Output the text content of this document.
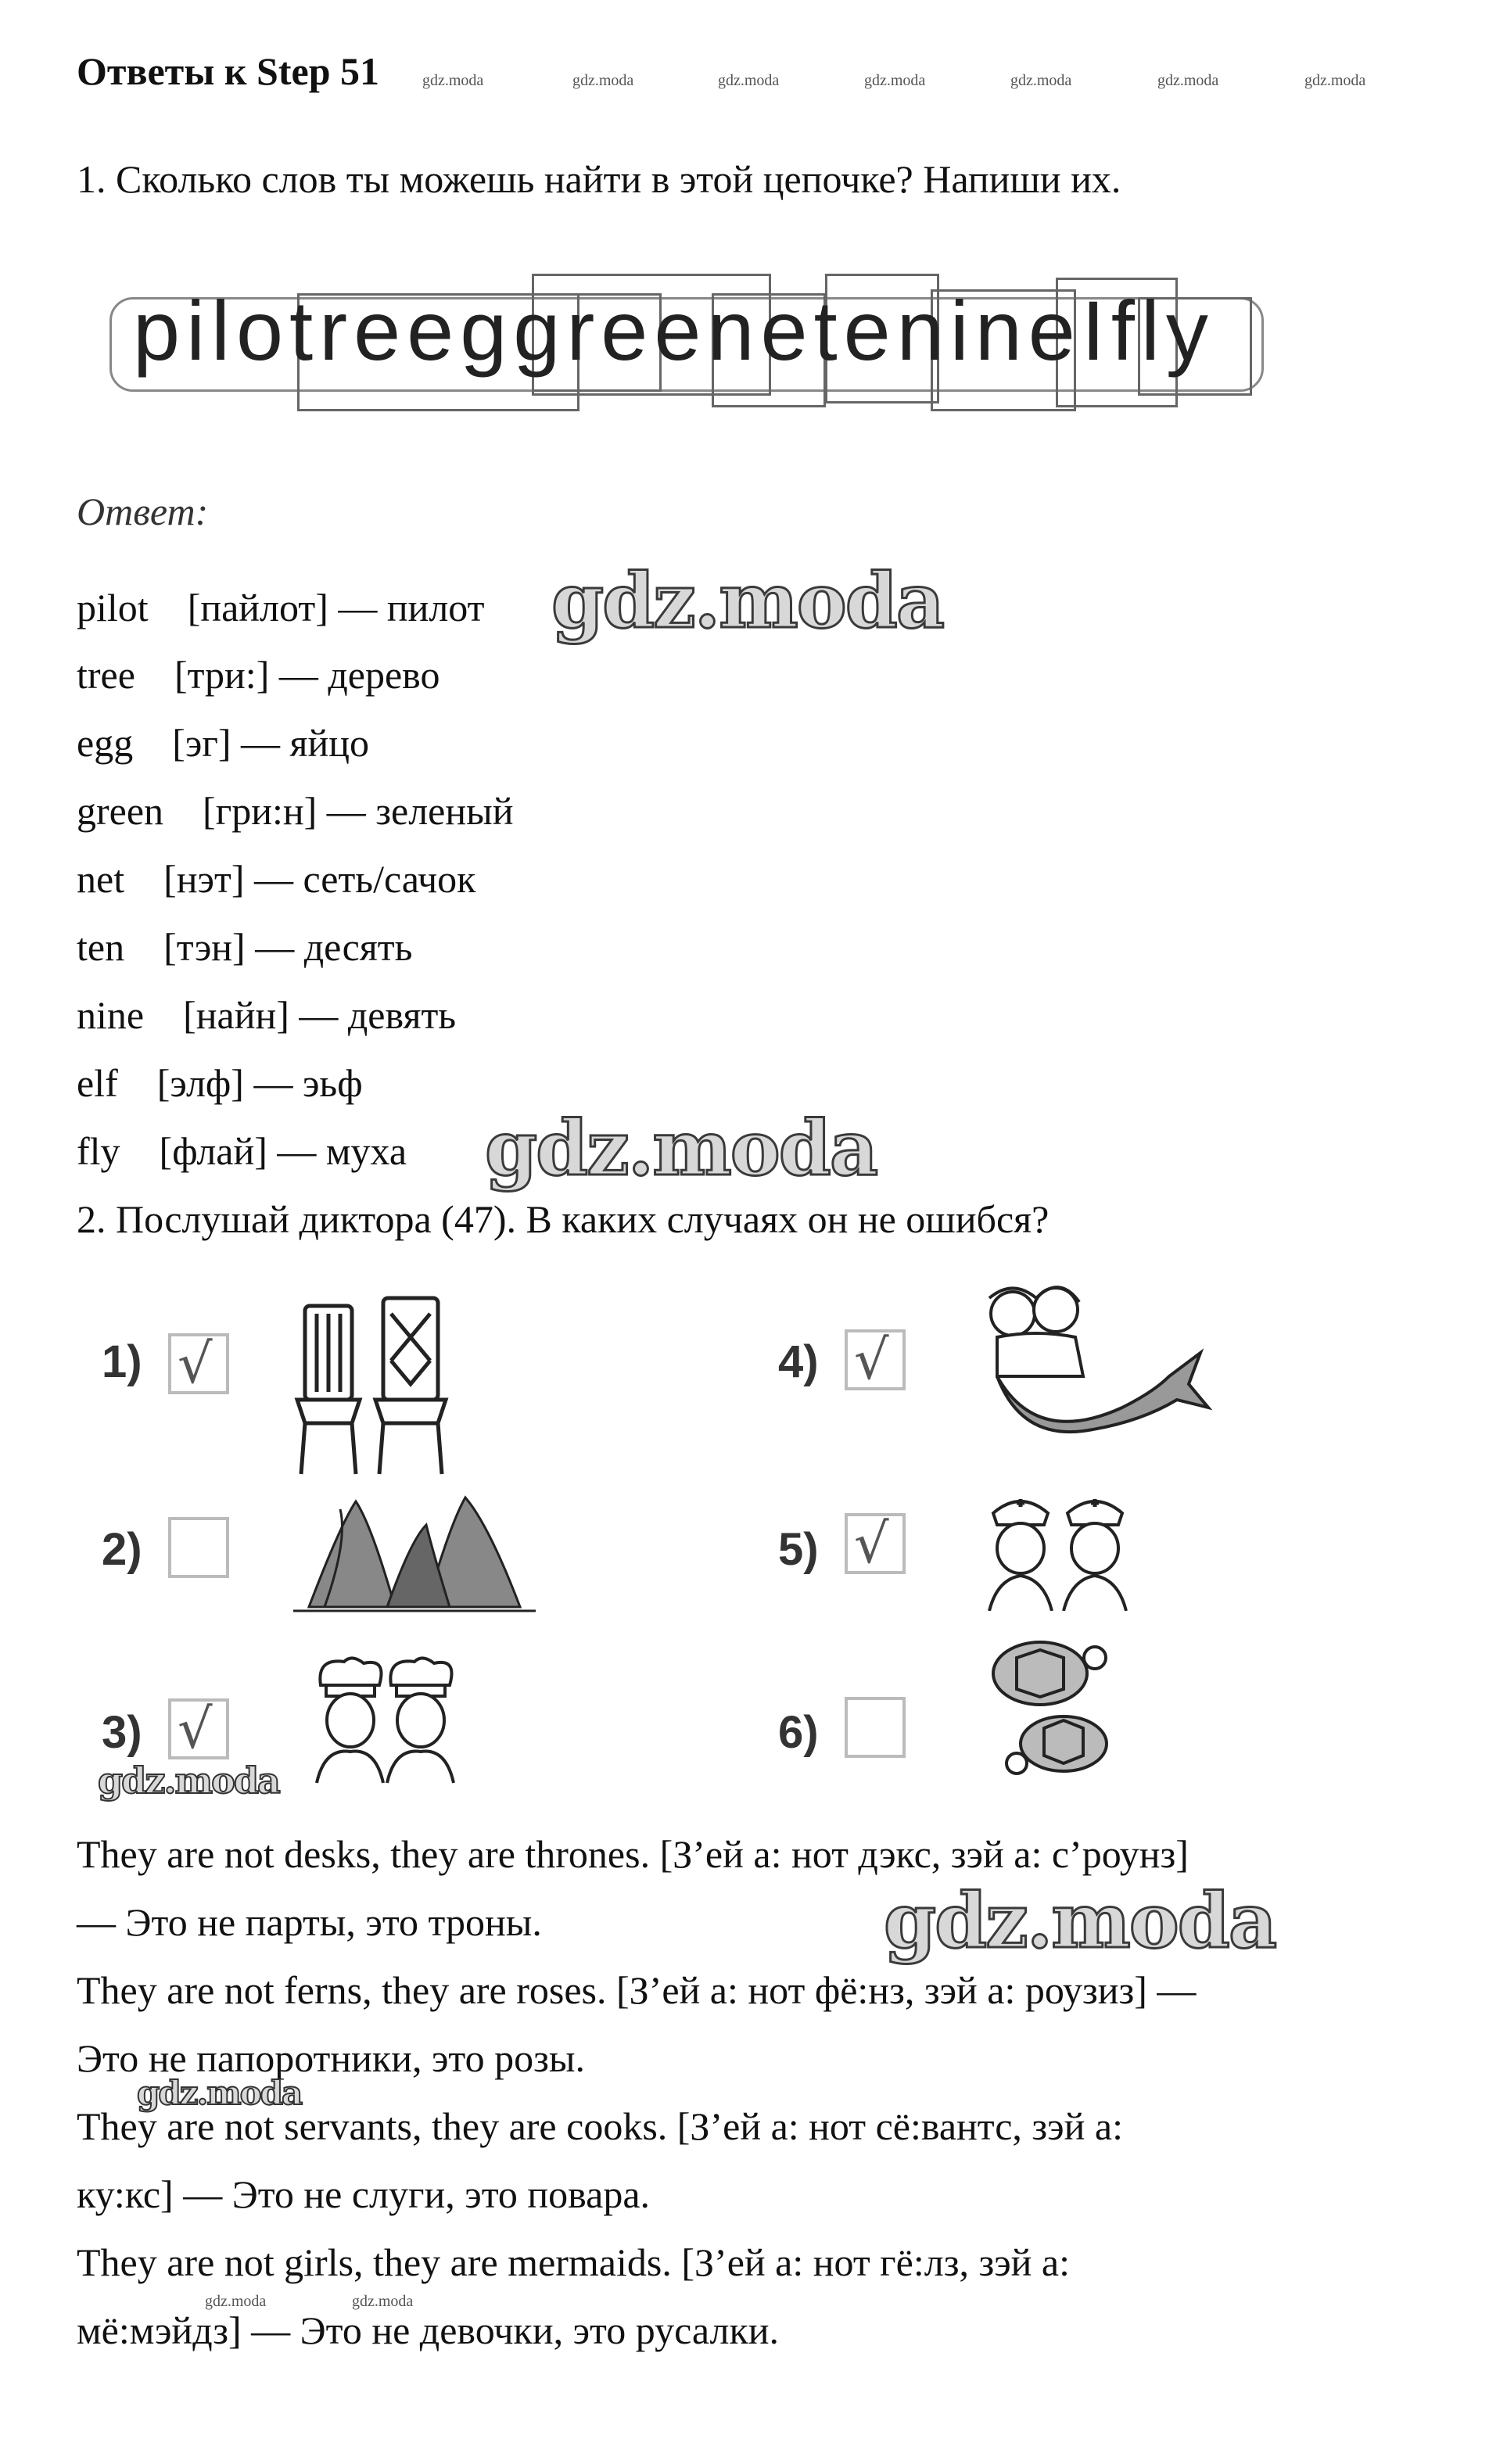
Ответы к Step 51	gdz.moda	gdz.moda	gdz.moda	gdz.moda	gdz.moda	gdz.moda	gdz.moda
1. Сколько слов ты можешь найти в этой цепочке? Напиши их.
pilotreeggreenetenineIfly
Ответ:
pilot [пайлот] — пилот
tree [три:] — дерево
egg [эг] — яйцо
green [гри:н] — зеленый
net [нэт] — сеть/сачок
ten [тэн] — десять
nine [найн] — девять
elf [элф] — эьф
fly [флай] — муха
gdz.moda
gdz.moda
2. Послушай диктора (47). В каких случаях он не ошибся?
1) √
2)
3) √
4) √
5) √
6)
gdz.moda
They are not desks, they are thrones. [З’ей а: нот дэкс, зэй а: с’роунз]
— Это не парты, это троны.	gdz.moda
They are not ferns, they are roses. [З’ей а: нот фё:нз, зэй а: роузиз] —
Это не папоротники, это розы.
gdz.moda
They are not servants, they are cooks. [З’ей а: нот сё:вантс, зэй а:
ку:кс] — Это не слуги, это повара.
They are not girls, they are mermaids. [З’ей а: нот гё:лз, зэй а:
gdz.moda	gdz.moda
мё:мэйдз] — Это не девочки, это русалки.
